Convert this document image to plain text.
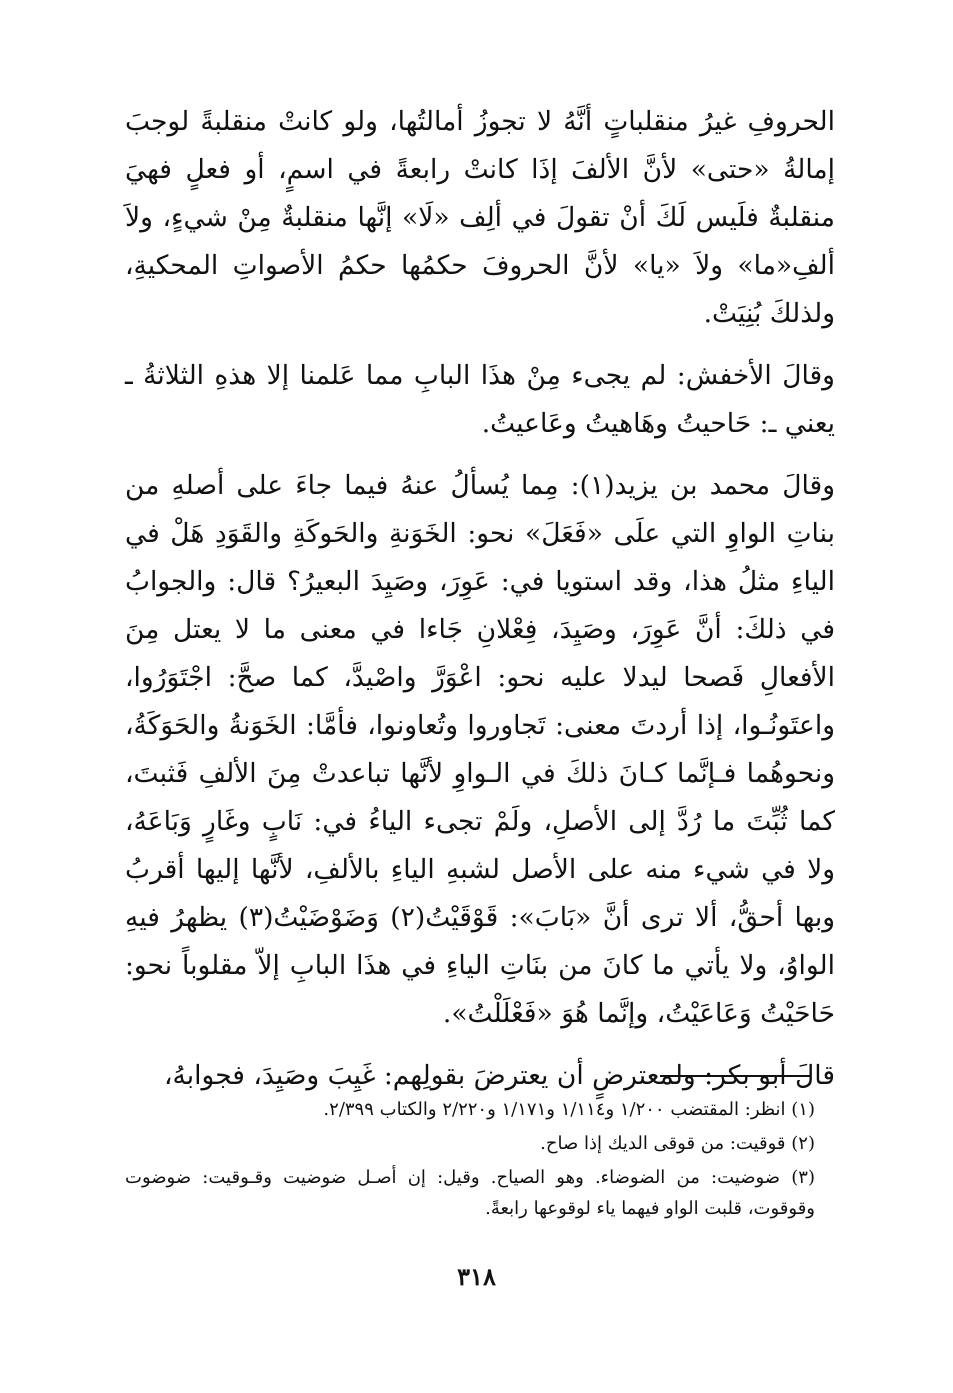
الحروفِ غيرُ منقلباتٍ أنَّهُ لا تجوزُ أمالتُها، ولو كانتْ منقلبةً لوجبَ إمالةُ «حتى» لأنَّ الألفَ إذَا كانتْ رابعةً في اسمٍ، أو فعلٍ فهيَ منقلبةٌ فلَيس لَكَ أنْ تقولَ في ألِف «لَا» إنَّها منقلبةٌ مِنْ شيءٍ، ولاَ ألفِ«ما» ولاَ «يا» لأنَّ الحروفَ حكمُها حكمُ الأصواتِ المحكيةِ، ولذلكَ بُنِيَتْ.

وقالَ الأخفش: لم يجىء مِنْ هذَا البابِ مما عَلمنا إلا هذهِ الثلاثةُ ـ يعني ـ: حَاحيتُ وهَاهيتُ وعَاعيتُ.

وقالَ محمد بن يزيد(١): مِما يُسألُ عنهُ فيما جاءَ على أصلهِ من بناتِ الواوِ التي علَى «فَعَلَ» نحو: الخَوَنةِ والحَوكَةِ والقَوَدِ هَلْ في الياءِ مثلُ هذا، وقد استويا في: عَوِرَ، وصَيِدَ البعيرُ؟ قال: والجوابُ في ذلكَ: أنَّ عَوِرَ، وصَيِدَ، فِعْلانِ جَاءا في معنى ما لا يعتل مِنَ الأفعالِ فَصحا ليدلا عليه نحو: اعْوَرَّ واصْيدَّ، كما صحَّ: اجْتَوَرُوا، واعتَونُـوا، إذا أردتَ معنى: تَجاوروا وتُعاونوا، فأمَّا: الخَوَنةُ والحَوَكَةُ، ونحوهُما فـإنَّما كـانَ ذلكَ في الـواوِ لأنَّها تباعدتْ مِنَ الألفِ فَثبتَ، كما ثُبِّتَ ما رُدَّ إلى الأصلِ، ولَمْ تجىء الياءُ في: نَابٍ وغَارٍ وَبَاعَهُ، ولا في شيء منه على الأصل لشبهِ الياءِ بالألفِ، لأنَّها إليها أقربُ وبها أحقُّ، ألا ترى أنَّ «بَابَ»: قَوْقَيْتُ(٢) وَضَوْضَيْتُ(٣) يظهرُ فيهِ الواوُ، ولا يأتي ما كانَ من بنَاتِ الياءِ في هذَا البابِ إلاّ مقلوباً نحو: حَاحَيْتُ وَعَاعَيْتُ، وإنَّما هُوَ «فَعْلَلْتُ».

قالَ أبو بكر: ولمعترضٍ أن يعترضَ بقولِهم: غَيِبَ وصَيِدَ، فجوابهُ،

(١) انظر: المقتضب ١/٢٠٠ و١/١١٤ و١/١٧١ و٢/٢٢٠ والكتاب ٢/٣٩٩.

(٢) قوقيت: من قوقى الديك إذا صاح.

(٣) ضوضيت: من الضوضاء. وهو الصياح. وقيل: إن أصـل ضوضيت وقـوقيت: ضوضوت وقوقوت، قلبت الواو فيهما ياء لوقوعها رابعةً.

٣١٨
